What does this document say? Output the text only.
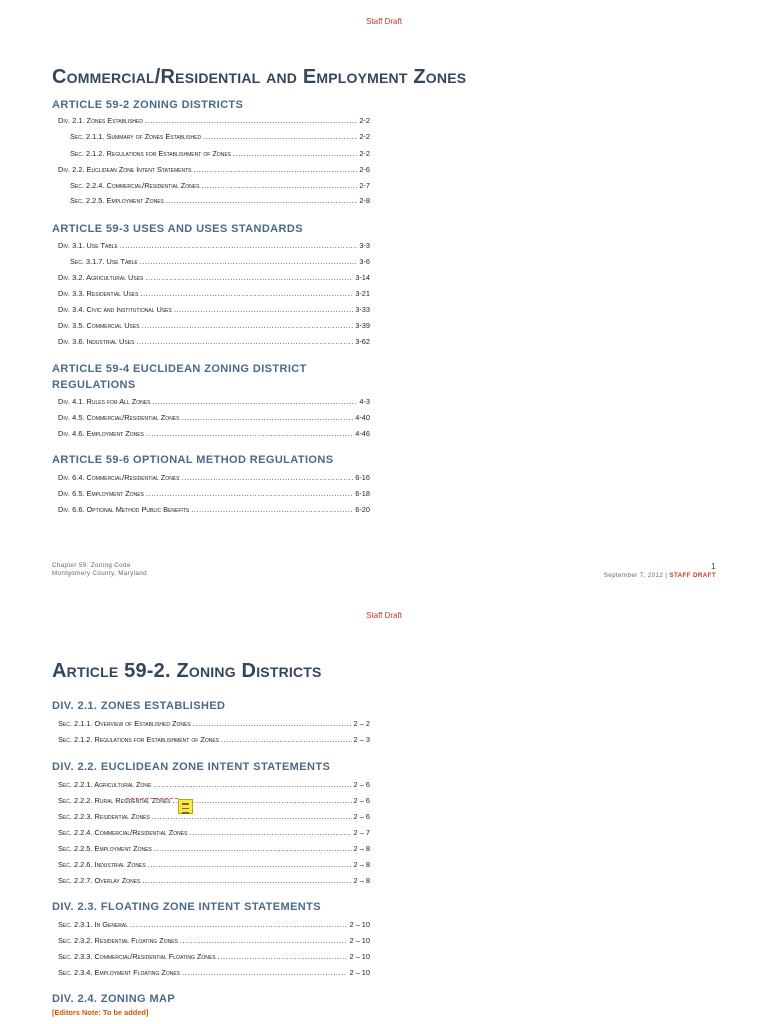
Staff Draft
Commercial/Residential and Employment Zones
ARTICLE 59-2 ZONING DISTRICTS
Div. 2.1. Zones Established .....	2-2
Sec. 2.1.1. Summary of Zones Established .....	2-2
Sec. 2.1.2. Regulations for Establishment of Zones .....	2-2
Div. 2.2. Euclidean Zone Intent Statements .....	2-6
Sec. 2.2.4. Commercial/Residential Zones .....	2-7
Sec. 2.2.5. Employment Zones .....	2-8
ARTICLE 59-3 USES AND USES STANDARDS
Div. 3.1. Use Table .....	3-3
Sec. 3.1.7. Use Table .....	3-6
Div. 3.2. Agricultural Uses .....	3-14
Div. 3.3. Residential Uses .....	3-21
Div. 3.4. Civic and Institutional Uses .....	3-33
Div. 3.5. Commercial Uses .....	3-39
Div. 3.6. Industrial Uses .....	3-62
ARTICLE 59-4 EUCLIDEAN ZONING DISTRICT
REGULATIONS
Div. 4.1. Rules for All Zones .....	4-3
Div. 4.5. Commercial/Residential Zones .....	4-40
Div. 4.6. Employment Zones .....	4-46
ARTICLE 59-6 OPTIONAL METHOD REGULATIONS
Div. 6.4. Commercial/Residential Zones .....	6-16
Div. 6.5. Employment Zones .....	6-18
Div. 6.6. Optional Method Public Benefits .....	6-20
Chapter 59: Zoning Code
Montgomery County, Maryland
1
September 7, 2012 | STAFF DRAFT
Staff Draft
Article 59-2. Zoning Districts
DIV. 2.1. ZONES ESTABLISHED
Sec. 2.1.1. Overview of Established Zones .....	2 – 2
Sec. 2.1.2. Regulations for Establishment of Zones .....	2 – 3
DIV. 2.2. EUCLIDEAN ZONE INTENT STATEMENTS
Sec. 2.2.1. Agricultural Zone .....	2 – 6
Sec. 2.2.2. Rural Residential Zones .....	2 – 6
Sec. 2.2.3. Residential Zones .....	2 – 6
Sec. 2.2.4. Commercial/Residential Zones .....	2 – 7
Sec. 2.2.5. Employment Zones .....	2 – 8
Sec. 2.2.6. Industrial Zones .....	2 – 8
Sec. 2.2.7. Overlay Zones .....	2 – 8
DIV. 2.3. FLOATING ZONE INTENT STATEMENTS
Sec. 2.3.1. In General .....	2 – 10
Sec. 2.3.2. Residential Floating Zones .....	2 – 10
Sec. 2.3.3. Commercial/Residential Floating Zones .....	2 – 10
Sec. 2.3.4. Employment Floating Zones .....	2 – 10
DIV. 2.4. ZONING MAP
[Editors Note: To be added]
